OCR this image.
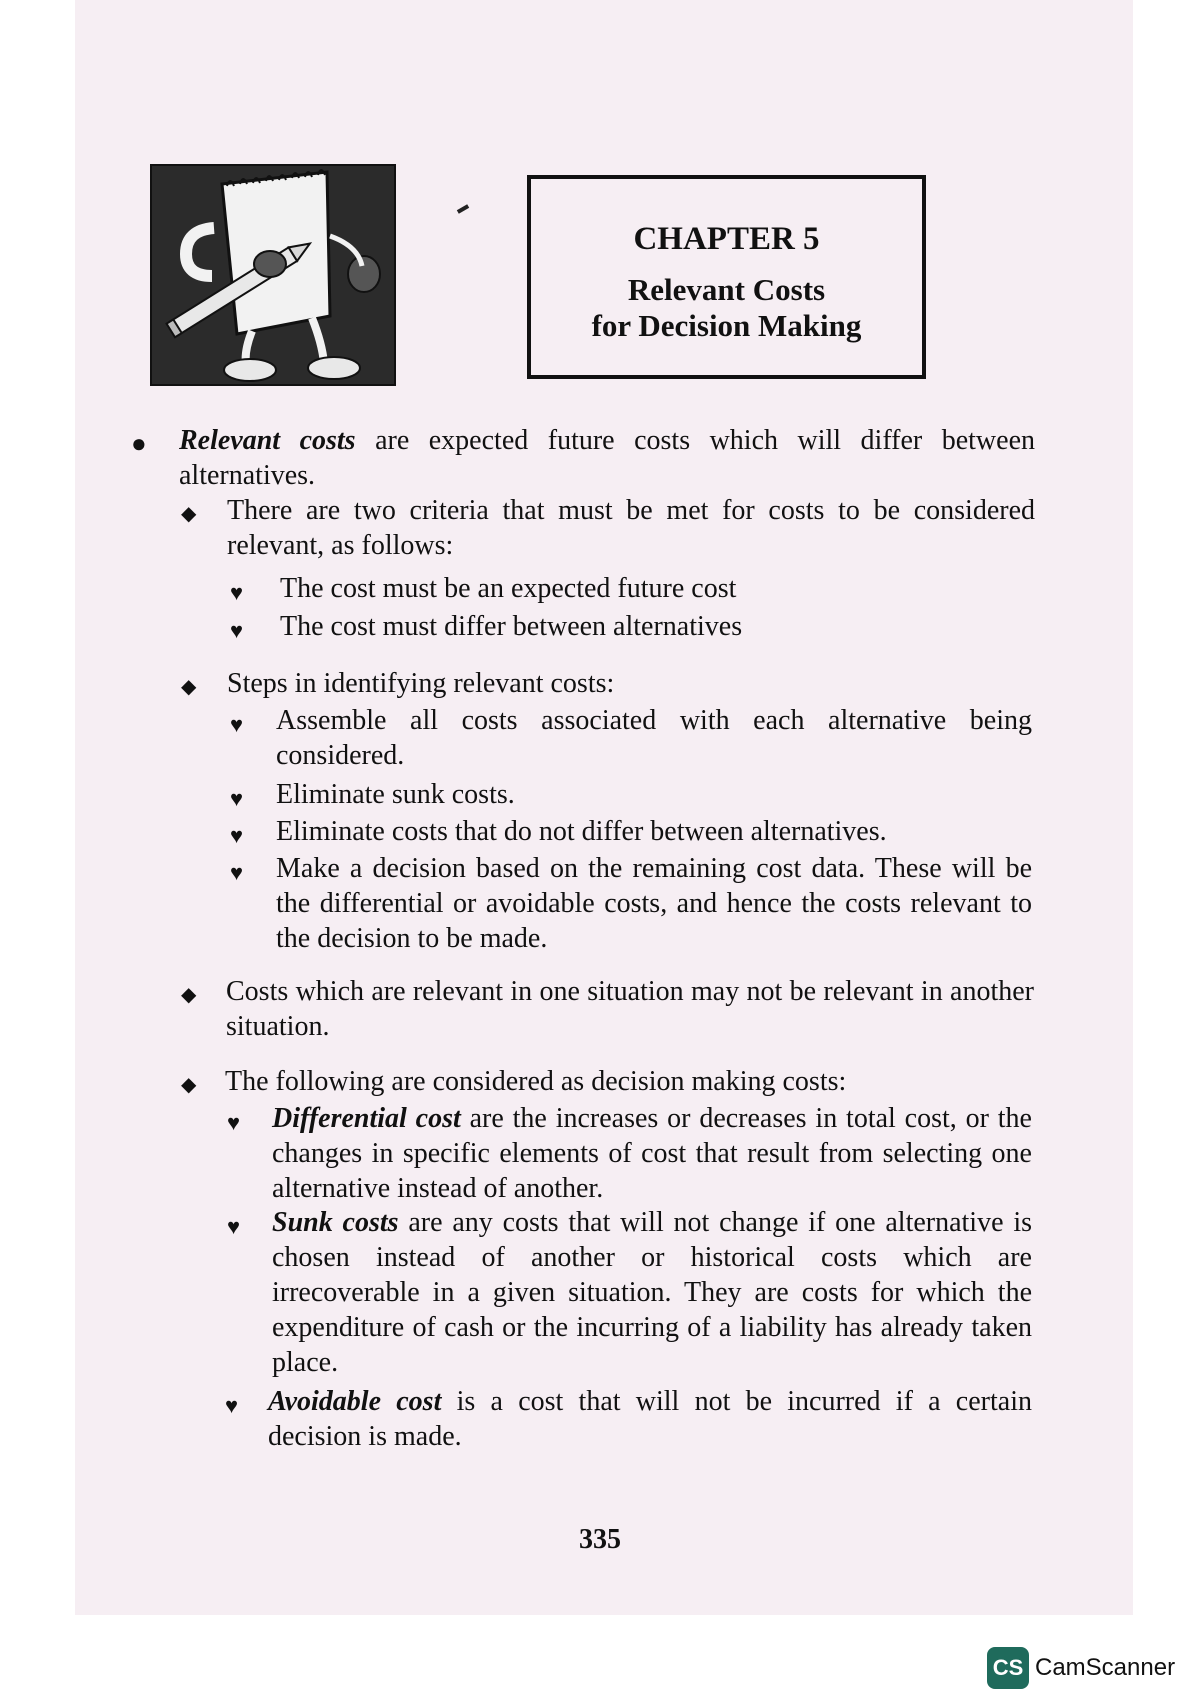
CHAPTER 5
Relevant Costs
for Decision Making
● Relevant costs are expected future costs which will differ between alternatives.
◆ There are two criteria that must be met for costs to be considered relevant, as follows:
♥ The cost must be an expected future cost
♥ The cost must differ between alternatives
◆ Steps in identifying relevant costs:
♥ Assemble all costs associated with each alternative being considered.
♥ Eliminate sunk costs.
♥ Eliminate costs that do not differ between alternatives.
♥ Make a decision based on the remaining cost data. These will be the differential or avoidable costs, and hence the costs relevant to the decision to be made.
◆ Costs which are relevant in one situation may not be relevant in another situation.
◆ The following are considered as decision making costs:
♥ Differential cost are the increases or decreases in total cost, or the changes in specific elements of cost that result from selecting one alternative instead of another.
♥ Sunk costs are any costs that will not change if one alternative is chosen instead of another or historical costs which are irrecoverable in a given situation. They are costs for which the expenditure of cash or the incurring of a liability has already taken place.
♥ Avoidable cost is a cost that will not be incurred if a certain decision is made.
335
CS CamScanner
